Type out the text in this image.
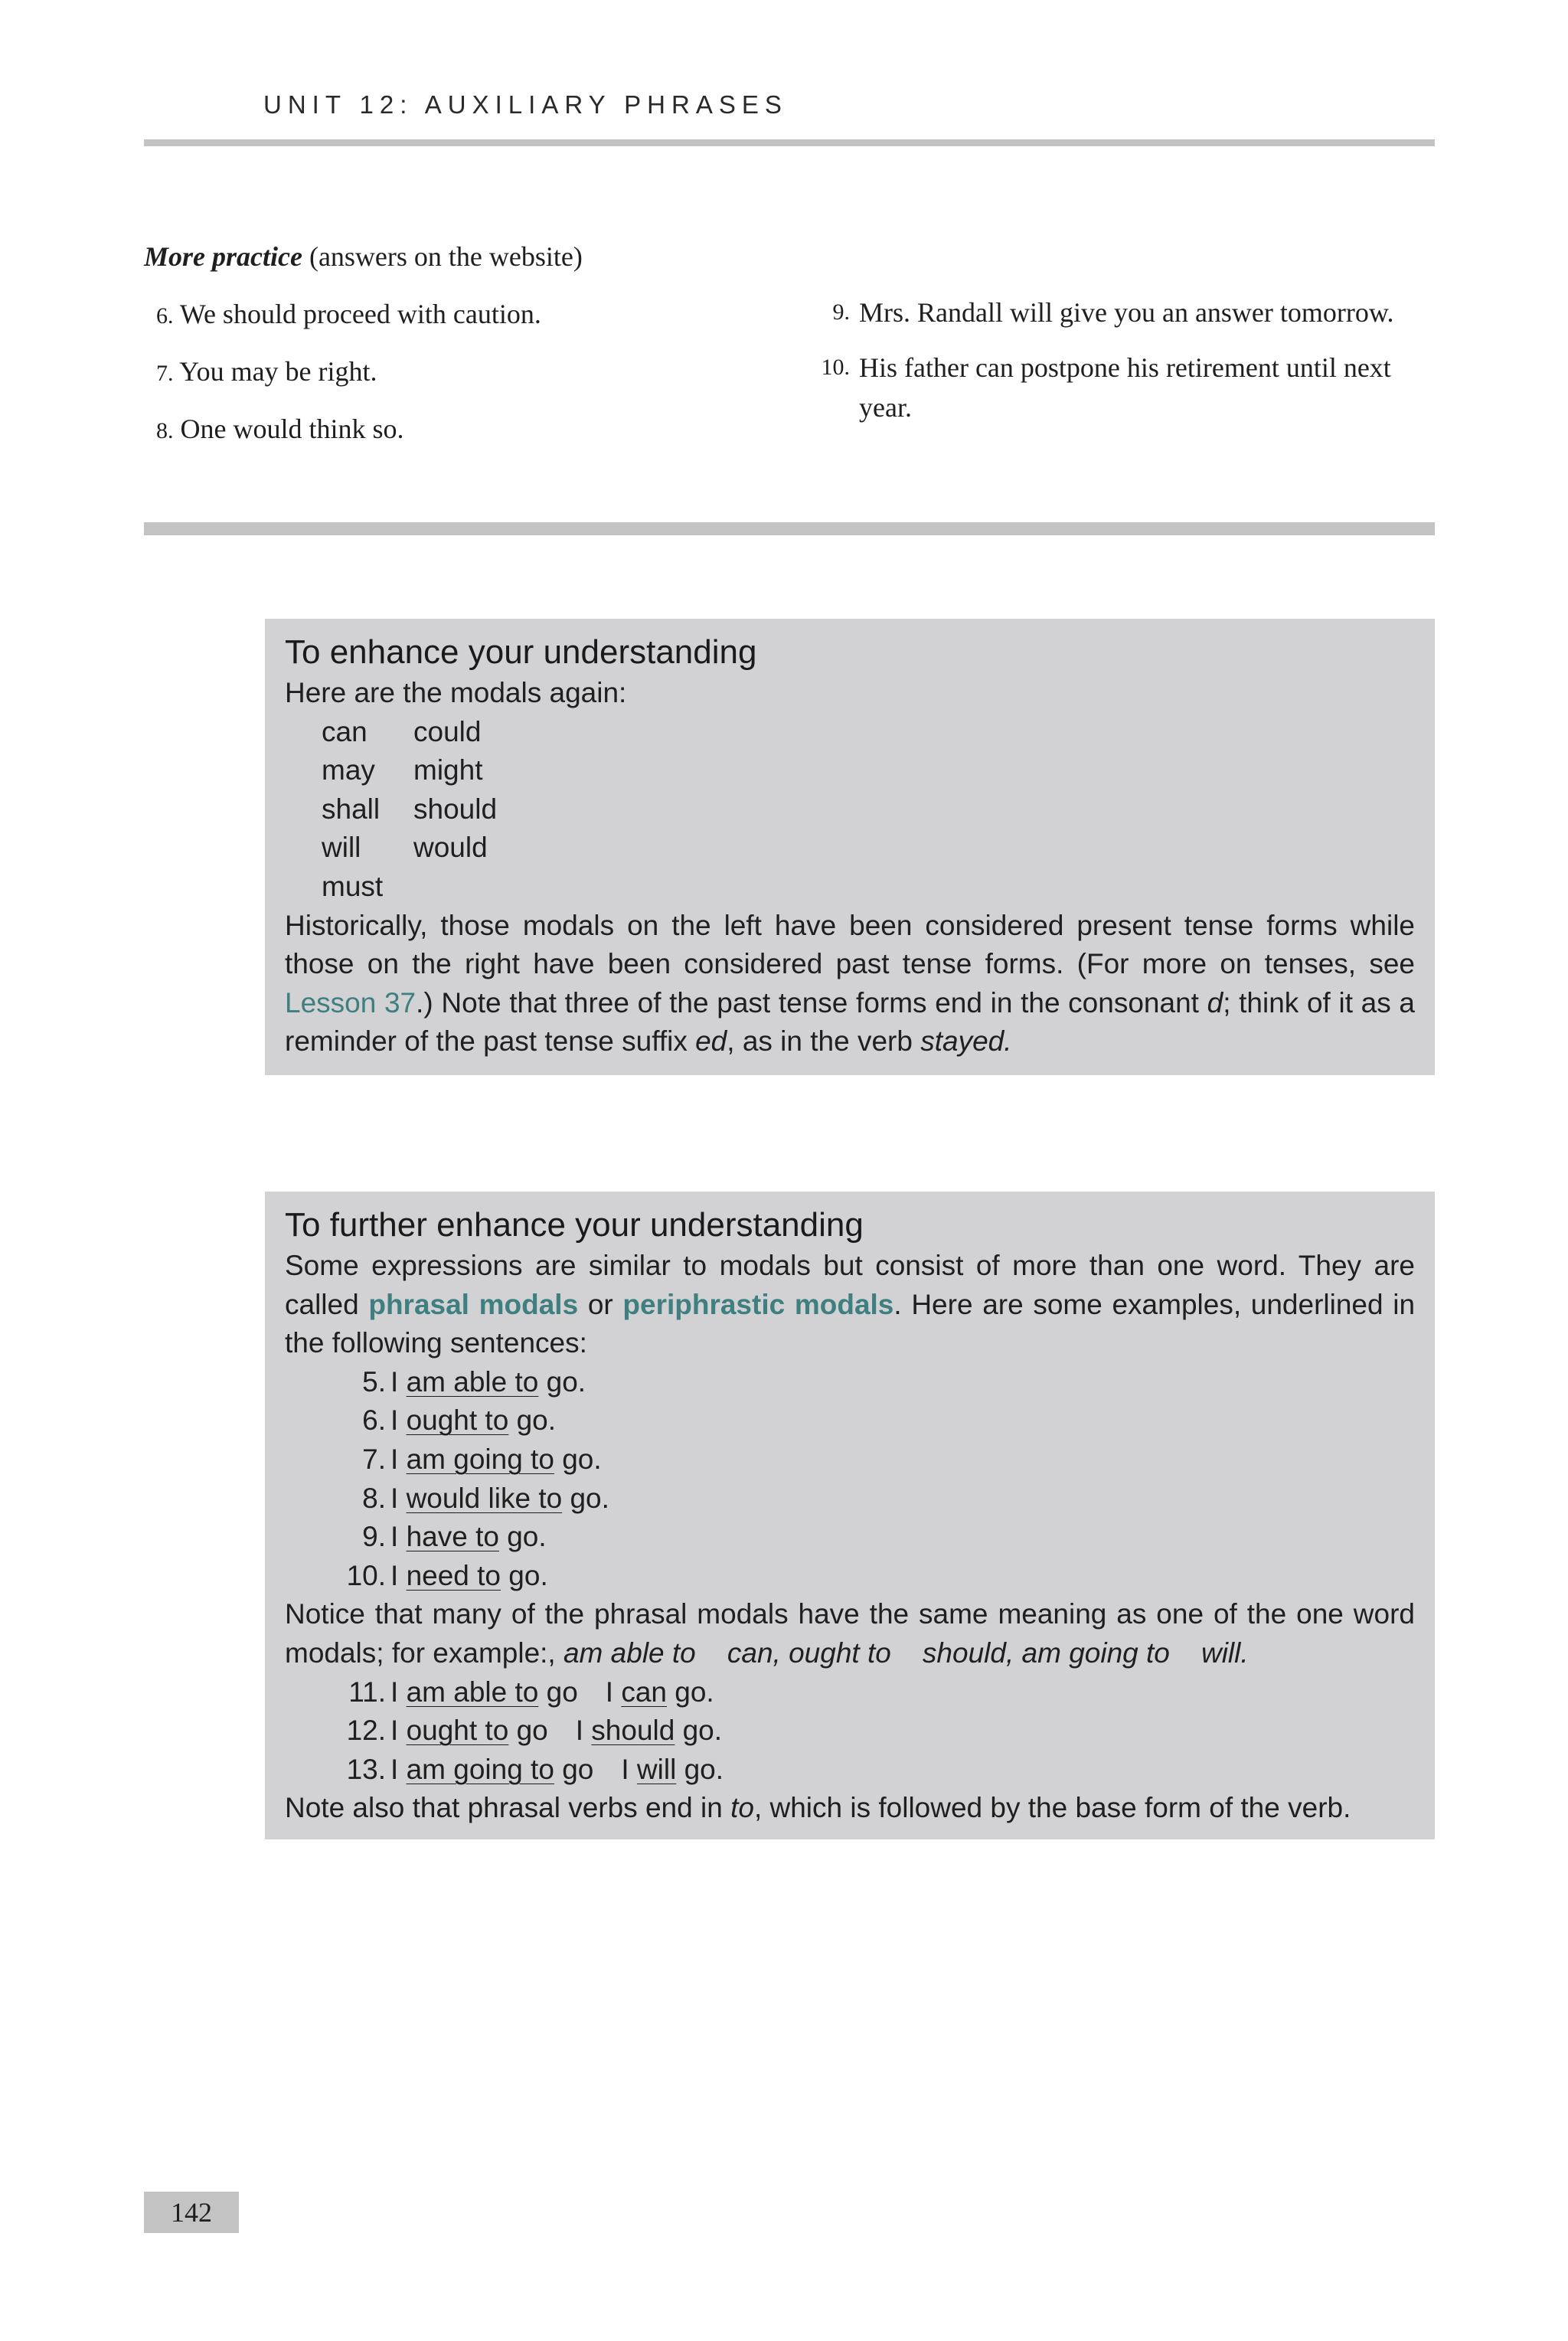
UNIT 12: AUXILIARY PHRASES
More practice (answers on the website)
6. We should proceed with caution.
7. You may be right.
8. One would think so.
9. Mrs. Randall will give you an answer tomorrow.
10. His father can postpone his retirement until next year.
To enhance your understanding
Here are the modals again:
can could
may might
shall should
will would
must
Historically, those modals on the left have been considered present tense forms while those on the right have been considered past tense forms. (For more on tenses, see Lesson 37.) Note that three of the past tense forms end in the consonant d; think of it as a reminder of the past tense suffix ed, as in the verb stayed.
To further enhance your understanding
Some expressions are similar to modals but consist of more than one word. They are called phrasal modals or periphrastic modals. Here are some examples, underlined in the following sentences:
5. I am able to go.
6. I ought to go.
7. I am going to go.
8. I would like to go.
9. I have to go.
10. I need to go.
Notice that many of the phrasal modals have the same meaning as one of the one word modals; for example:, am able to    can, ought to    should, am going to    will.
11. I am able to go I can go.
12. I ought to go I should go.
13. I am going to go I will go.
Note also that phrasal verbs end in to, which is followed by the base form of the verb.
142
